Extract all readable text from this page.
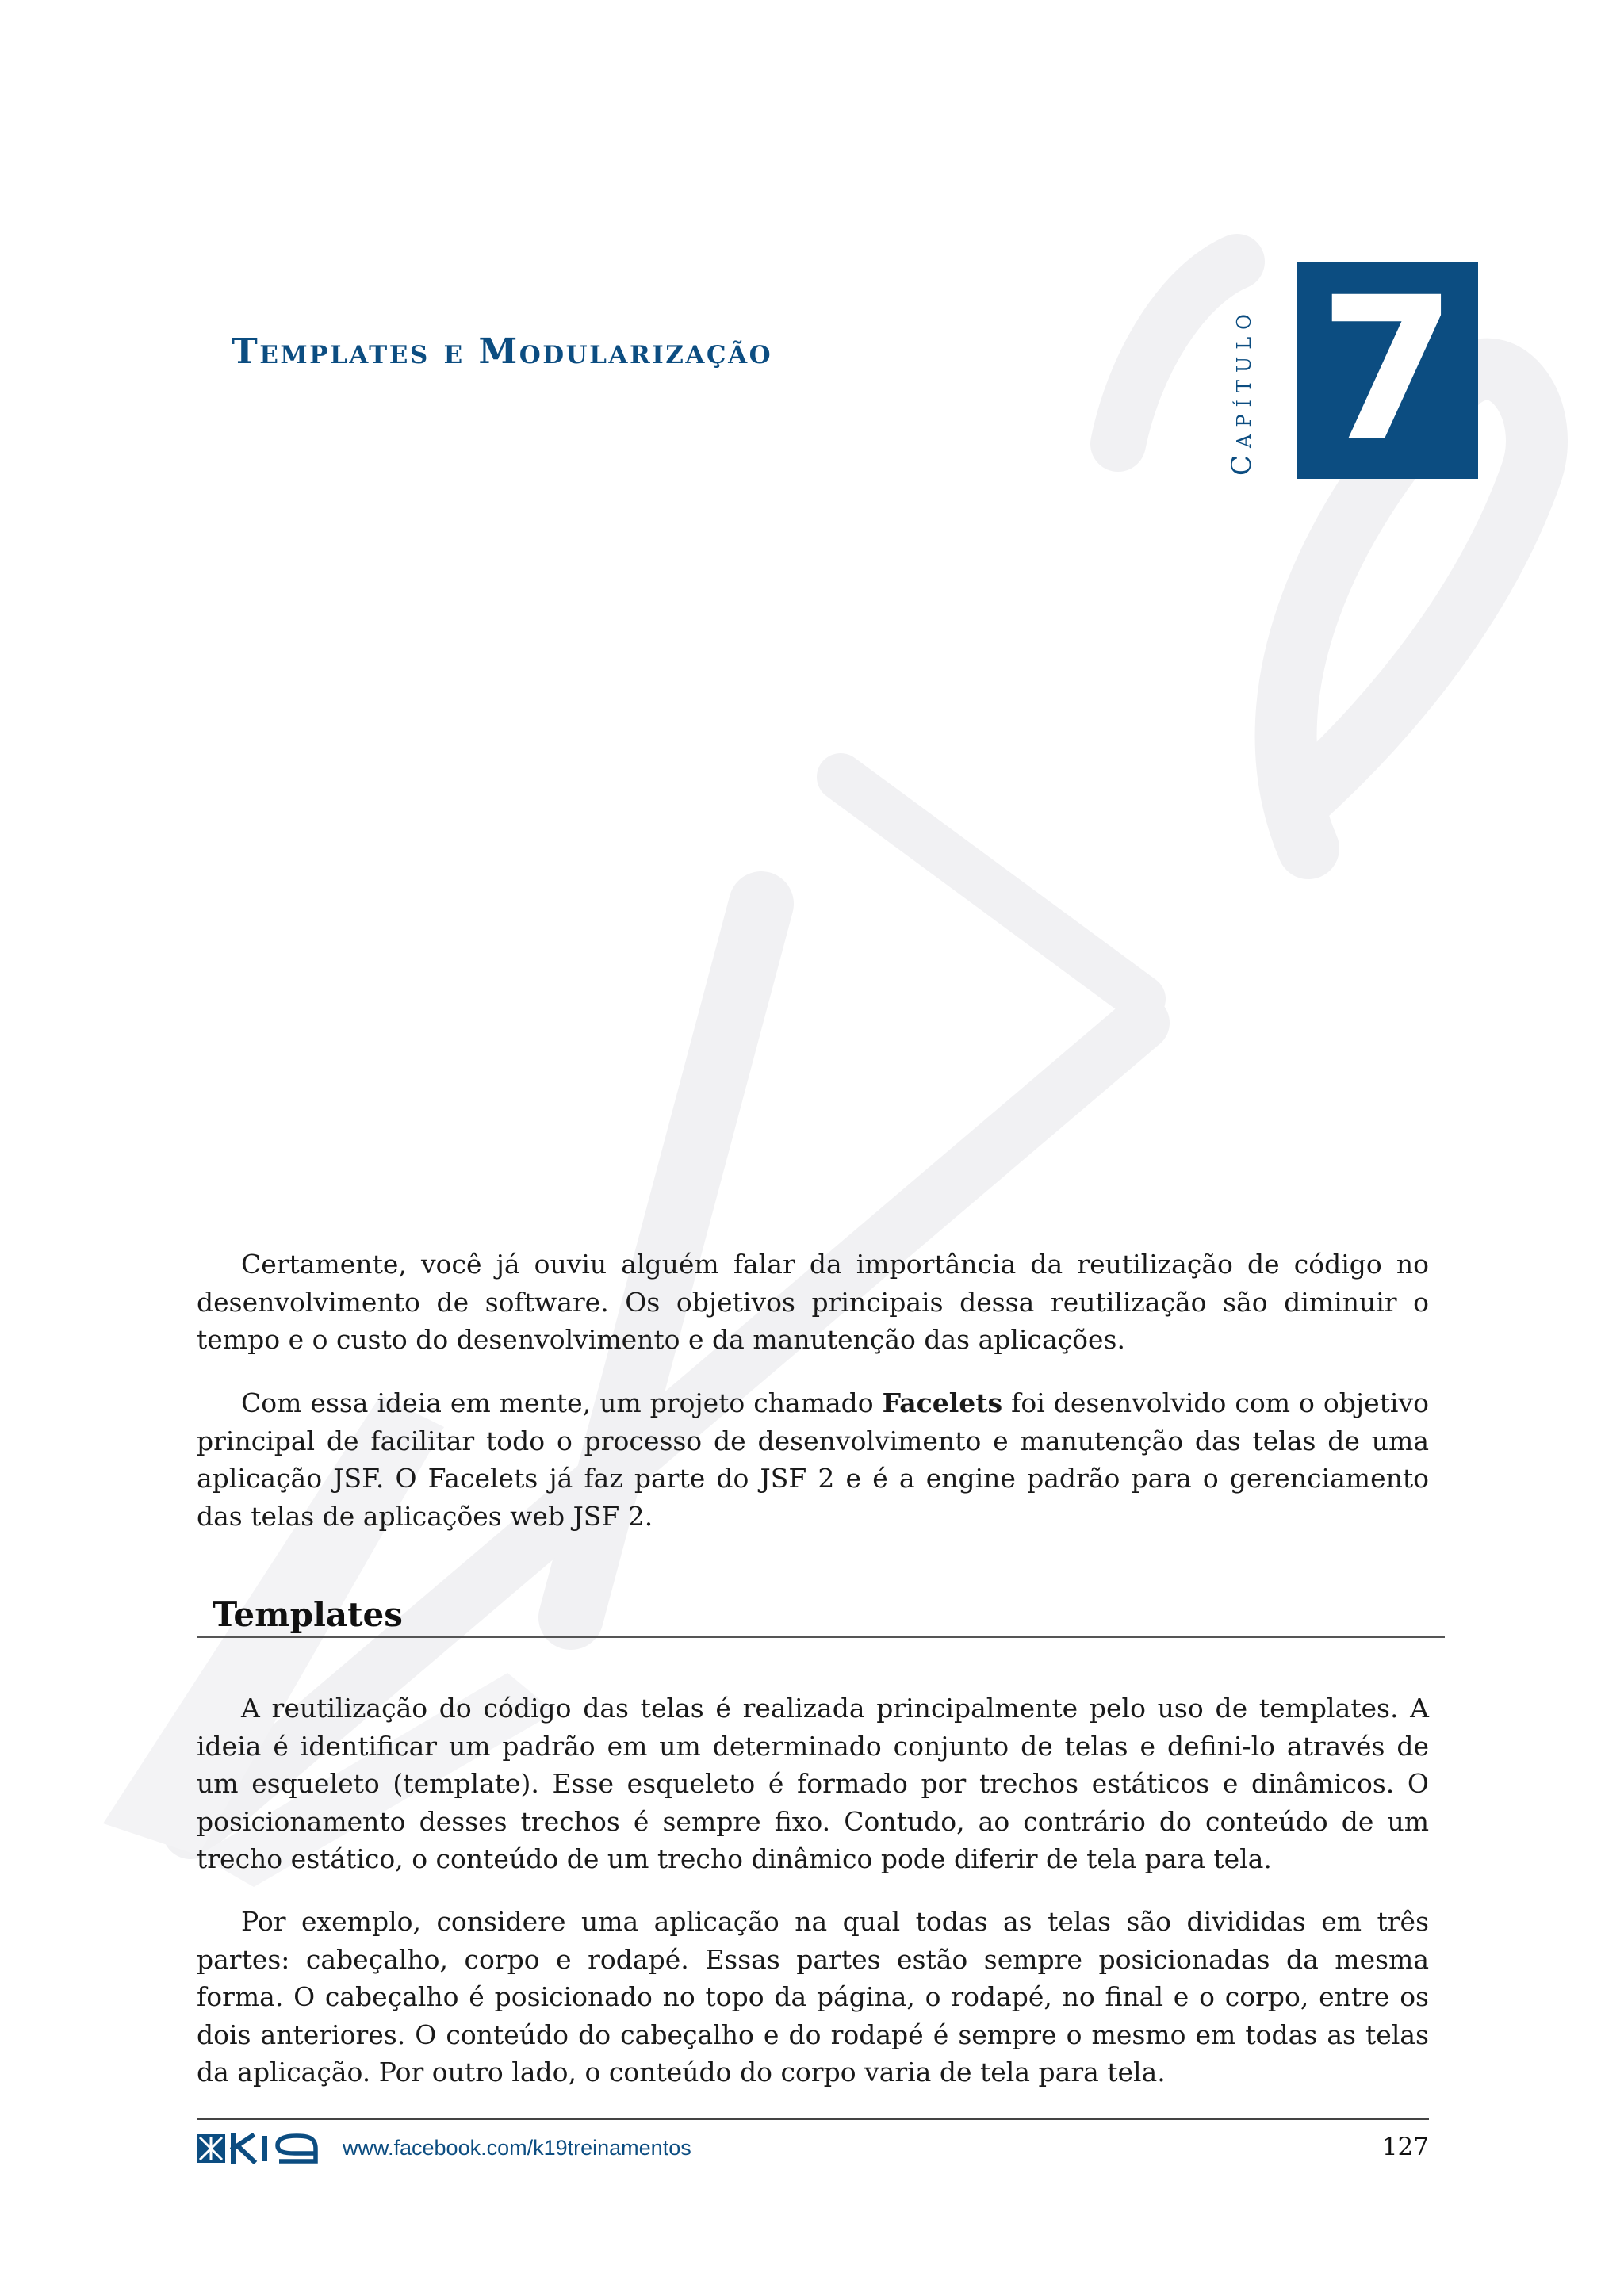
Templates e Modularização	Capítulo 7

Certamente, você já ouviu alguém falar da importância da reutilização de código no desenvolvimento de software. Os objetivos principais dessa reutilização são diminuir o tempo e o custo do desenvolvimento e da manutenção das aplicações.

Com essa ideia em mente, um projeto chamado Facelets foi desenvolvido com o objetivo principal de facilitar todo o processo de desenvolvimento e manutenção das telas de uma aplicação JSF. O Facelets já faz parte do JSF 2 e é a engine padrão para o gerenciamento das telas de aplicações web JSF 2.

Templates

A reutilização do código das telas é realizada principalmente pelo uso de templates. A ideia é identificar um padrão em um determinado conjunto de telas e defini-lo através de um esqueleto (template). Esse esqueleto é formado por trechos estáticos e dinâmicos. O posicionamento desses trechos é sempre fixo. Contudo, ao contrário do conteúdo de um trecho estático, o conteúdo de um trecho dinâmico pode diferir de tela para tela.

Por exemplo, considere uma aplicação na qual todas as telas são divididas em três partes: cabeçalho, corpo e rodapé. Essas partes estão sempre posicionadas da mesma forma. O cabeçalho é posicionado no topo da página, o rodapé, no final e o corpo, entre os dois anteriores. O conteúdo do cabeçalho e do rodapé é sempre o mesmo em todas as telas da aplicação. Por outro lado, o conteúdo do corpo varia de tela para tela.

www.facebook.com/k19treinamentos	127
